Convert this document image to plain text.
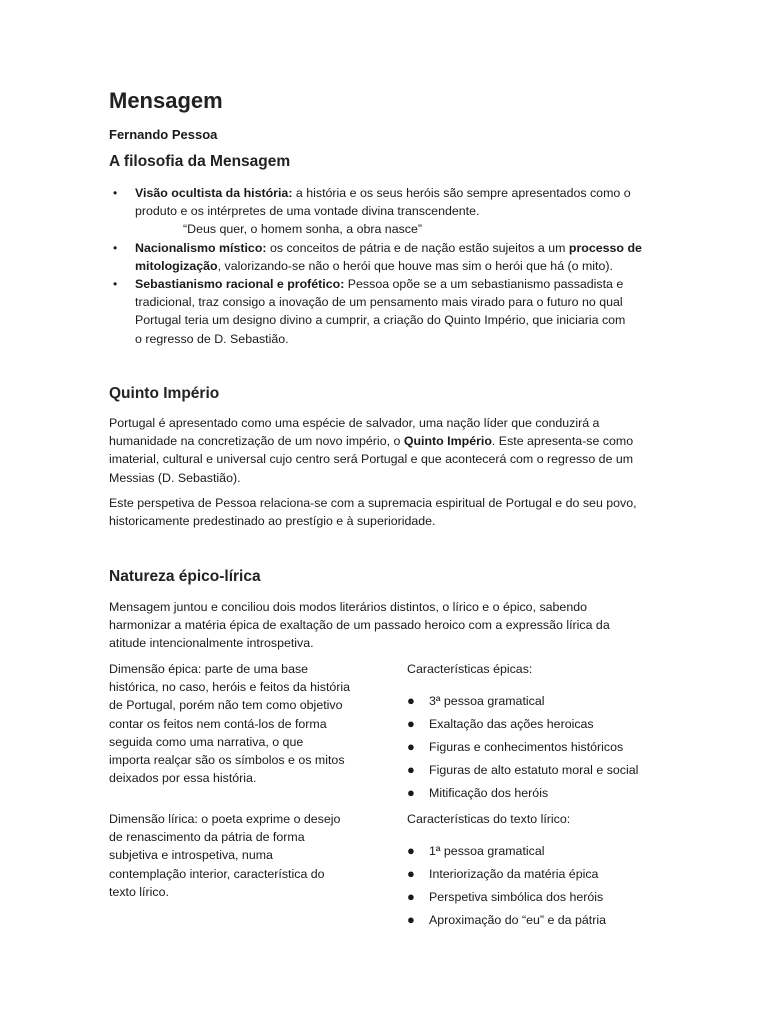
Mensagem
Fernando Pessoa
A filosofia da Mensagem
• Visão ocultista da história: a história e os seus heróis são sempre apresentados como o
produto e os intérpretes de uma vontade divina transcendente.
“Deus quer, o homem sonha, a obra nasce”
• Nacionalismo místico: os conceitos de pátria e de nação estão sujeitos a um processo de
mitologização, valorizando-se não o herói que houve mas sim o herói que há (o mito).
• Sebastianismo racional e profético: Pessoa opõe se a um sebastianismo passadista e
tradicional, traz consigo a inovação de um pensamento mais virado para o futuro no qual
Portugal teria um designo divino a cumprir, a criação do Quinto Império, que iniciaria com
o regresso de D. Sebastião.
Quinto Império
Portugal é apresentado como uma espécie de salvador, uma nação líder que conduzirá a
humanidade na concretização de um novo império, o Quinto Império. Este apresenta-se como
imaterial, cultural e universal cujo centro será Portugal e que acontecerá com o regresso de um
Messias (D. Sebastião).
Este perspetiva de Pessoa relaciona-se com a supremacia espiritual de Portugal e do seu povo,
historicamente predestinado ao prestígio e à superioridade.
Natureza épico-lírica
Mensagem juntou e conciliou dois modos literários distintos, o lírico e o épico, sabendo
harmonizar a matéria épica de exaltação de um passado heroico com a expressão lírica da
atitude intencionalmente introspetiva.
Dimensão épica: parte de uma base
histórica, no caso, heróis e feitos da história
de Portugal, porém não tem como objetivo
contar os feitos nem contá-los de forma
seguida como uma narrativa, o que
importa realçar são os símbolos e os mitos
deixados por essa história.
Dimensão lírica: o poeta exprime o desejo
de renascimento da pátria de forma
subjetiva e introspetiva, numa
contemplação interior, característica do
texto lírico.
Características épicas:
● 3ª pessoa gramatical
● Exaltação das ações heroicas
● Figuras e conhecimentos históricos
● Figuras de alto estatuto moral e social
● Mitificação dos heróis
Características do texto lírico:
● 1ª pessoa gramatical
● Interiorização da matéria épica
● Perspetiva simbólica dos heróis
● Aproximação do “eu” e da pátria
